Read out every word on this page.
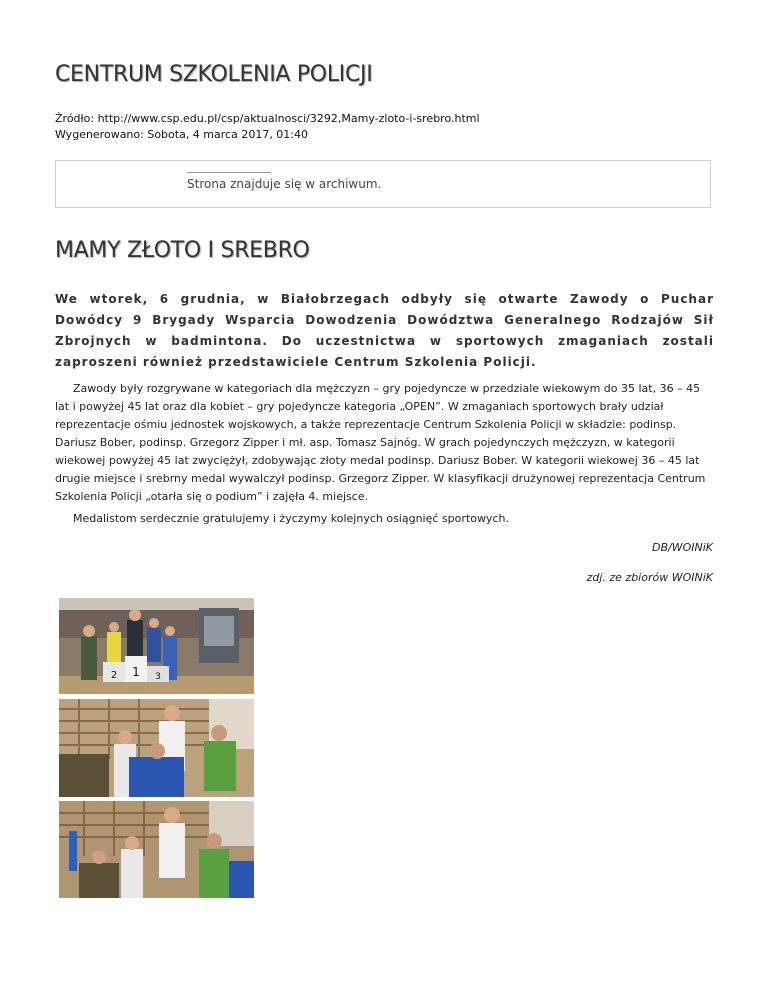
CENTRUM SZKOLENIA POLICJI
Źródło: http://www.csp.edu.pl/csp/aktualnosci/3292,Mamy-zloto-i-srebro.html
Wygenerowano: Sobota, 4 marca 2017, 01:40
Strona znajduje się w archiwum.
MAMY ZŁOTO I SREBRO

We wtorek, 6 grudnia, w Białobrzegach odbyły się otwarte Zawody o Puchar Dowódcy 9 Brygady Wsparcia Dowodzenia Dowództwa Generalnego Rodzajów Sił Zbrojnych w badmintona. Do uczestnictwa w sportowych zmaganiach zostali zaproszeni również przedstawiciele Centrum Szkolenia Policji.

Zawody były rozgrywane w kategoriach dla mężczyzn – gry pojedyncze w przedziale wiekowym do 35 lat, 36 – 45 lat i powyżej 45 lat oraz dla kobiet – gry pojedyncze kategoria „OPEN”. W zmaganiach sportowych brały udział reprezentacje ośmiu jednostek wojskowych, a także reprezentacje Centrum Szkolenia Policji w składzie: podinsp. Dariusz Bober, podinsp. Grzegorz Zipper i mł. asp. Tomasz Sajnóg. W grach pojedynczych mężczyzn, w kategorii wiekowej powyżej 45 lat zwyciężył, zdobywając złoty medal podinsp. Dariusz Bober. W kategorii wiekowej 36 – 45 lat drugie miejsce i srebrny medal wywalczył podinsp. Grzegorz Zipper. W klasyfikacji drużynowej reprezentacja Centrum Szkolenia Policji „otarła się o podium” i zajęła 4. miejsce.

Medalistom serdecznie gratulujemy i życzymy kolejnych osiągnięć sportowych.

DB/WOINiK

zdj. ze zbiorów WOINiK

2 1 3
